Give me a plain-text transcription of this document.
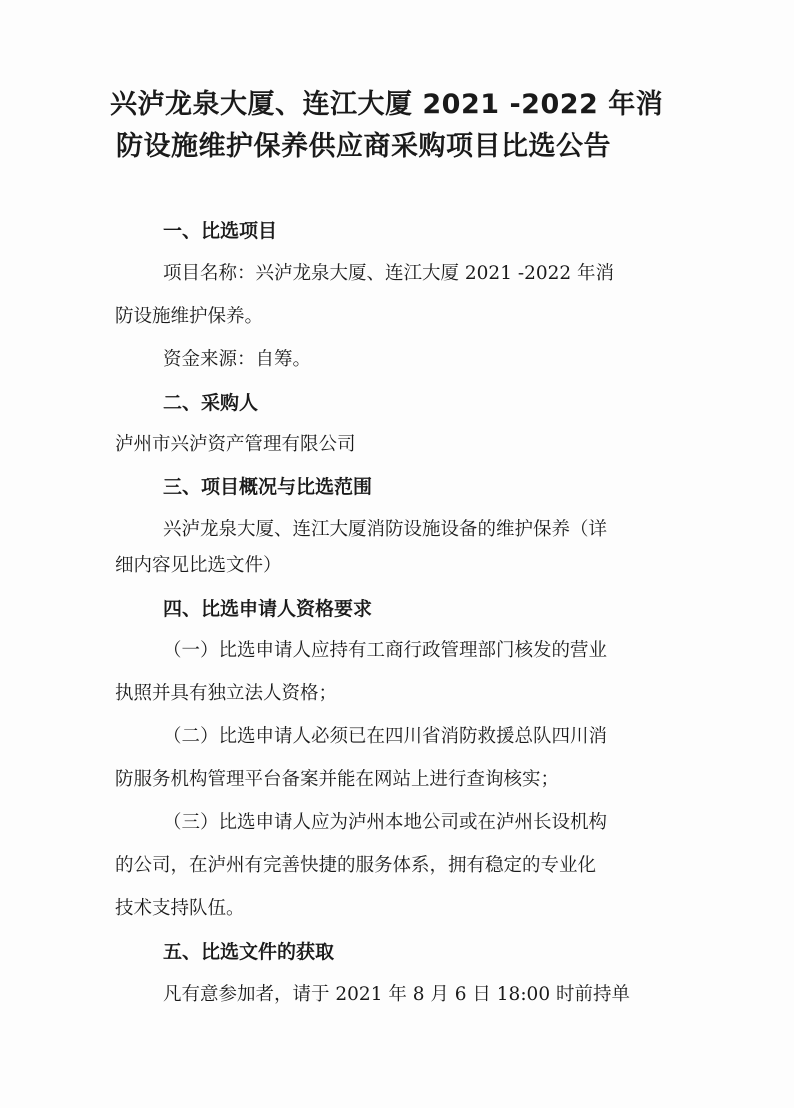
兴泸龙泉大厦、连江大厦 2021 -2022 年消
防设施维护保养供应商采购项目比选公告
一、比选项目
项目名称：兴泸龙泉大厦、连江大厦 2021 -2022 年消
防设施维护保养。
资金来源：自筹。
二、采购人
泸州市兴泸资产管理有限公司
三、项目概况与比选范围
兴泸龙泉大厦、连江大厦消防设施设备的维护保养（详
细内容见比选文件）
四、比选申请人资格要求
（一）比选申请人应持有工商行政管理部门核发的营业
执照并具有独立法人资格；
（二）比选申请人必须已在四川省消防救援总队四川消
防服务机构管理平台备案并能在网站上进行查询核实；
（三）比选申请人应为泸州本地公司或在泸州长设机构
的公司，在泸州有完善快捷的服务体系，拥有稳定的专业化
技术支持队伍。
五、比选文件的获取
凡有意参加者，请于 2021 年 8 月 6 日 18:00 时前持单
